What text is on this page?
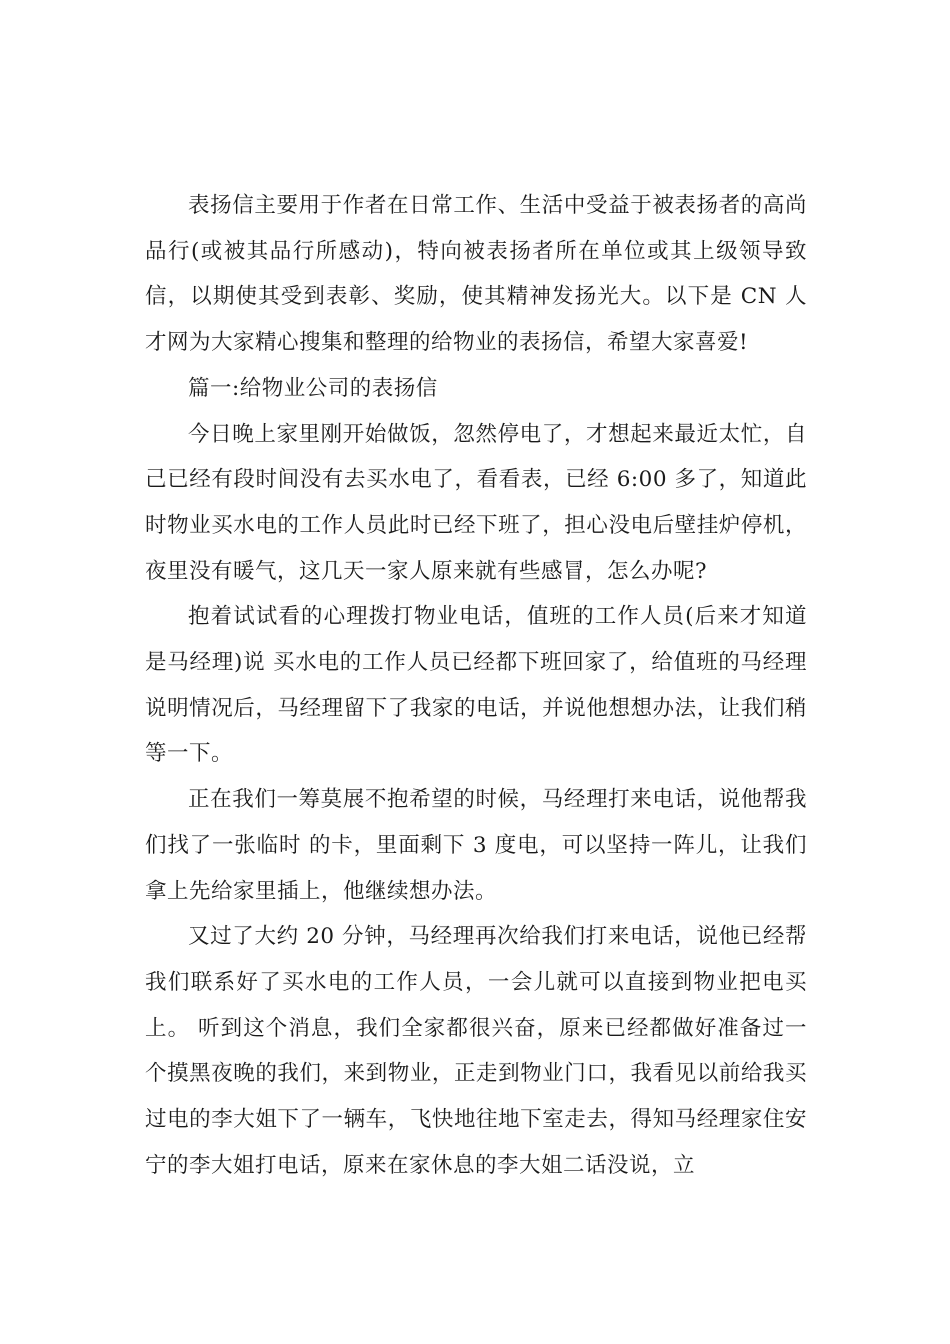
表扬信主要用于作者在日常工作、生活中受益于被表扬者的高尚品行(或被其品行所感动)，特向被表扬者所在单位或其上级领导致信，以期使其受到表彰、奖励，使其精神发扬光大。以下是 CN 人才网为大家精心搜集和整理的给物业的表扬信，希望大家喜爱!

篇一:给物业公司的表扬信

今日晚上家里刚开始做饭，忽然停电了，才想起来最近太忙，自己已经有段时间没有去买水电了，看看表，已经 6:00 多了，知道此时物业买水电的工作人员此时已经下班了，担心没电后壁挂炉停机，夜里没有暖气，这几天一家人原来就有些感冒，怎么办呢?

抱着试试看的心理拨打物业电话，值班的工作人员(后来才知道是马经理)说 买水电的工作人员已经都下班回家了，给值班的马经理说明情况后，马经理留下了我家的电话，并说他想想办法，让我们稍等一下。

正在我们一筹莫展不抱希望的时候，马经理打来电话，说他帮我们找了一张临时 的卡，里面剩下 3 度电，可以坚持一阵儿，让我们拿上先给家里插上，他继续想办法。

又过了大约 20 分钟，马经理再次给我们打来电话，说他已经帮我们联系好了买水电的工作人员，一会儿就可以直接到物业把电买上。 听到这个消息，我们全家都很兴奋，原来已经都做好准备过一个摸黑夜晚的我们，来到物业，正走到物业门口，我看见以前给我买过电的李大姐下了一辆车，飞快地往地下室走去，得知马经理家住安宁的李大姐打电话，原来在家休息的李大姐二话没说，立
